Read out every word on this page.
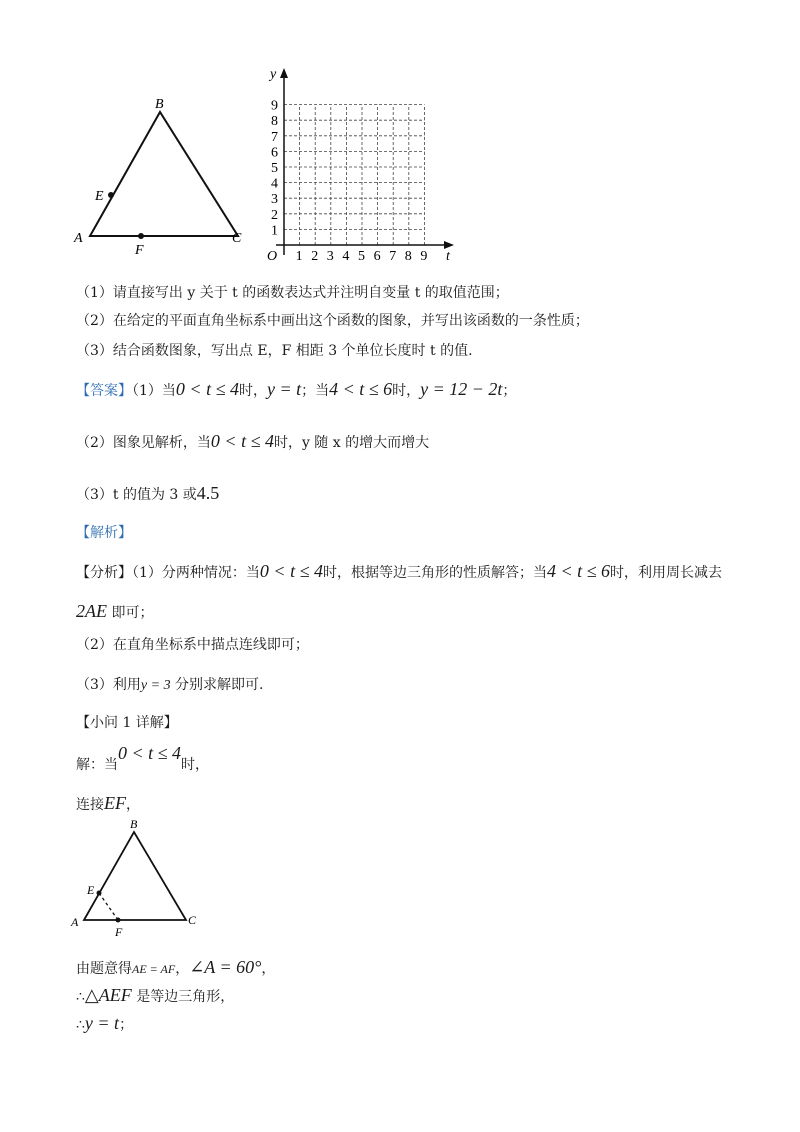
B
A	C
E
F
y
t
O 1 2 3 4 5 6 7 8 9
1
2
3
4
5
6
7
8
9
（1）请直接写出 y 关于 t 的函数表达式并注明自变量 t 的取值范围；
（2）在给定的平面直角坐标系中画出这个函数的图象，并写出该函数的一条性质；
（3）结合函数图象，写出点 E，F 相距 3 个单位长度时 t 的值.
【答案】（1）当0 < t ≤ 4时，y = t；当4 < t ≤ 6时，y = 12 − 2t；
（2）图象见解析，当0 < t ≤ 4时，y 随 x 的增大而增大
（3）t 的值为 3 或4.5
【解析】
【分析】（1）分两种情况：当0 < t ≤ 4时，根据等边三角形的性质解答；当4 < t ≤ 6时，利用周长减去
2AE 即可；
（2）在直角坐标系中描点连线即可；
（3）利用y = 3 分别求解即可.
【小问 1 详解】
解：当0 < t ≤ 4时，
连接EF，
B
A	C
E
F
由题意得AE = AF，∠A = 60°，
∴△AEF 是等边三角形，
∴y = t；
